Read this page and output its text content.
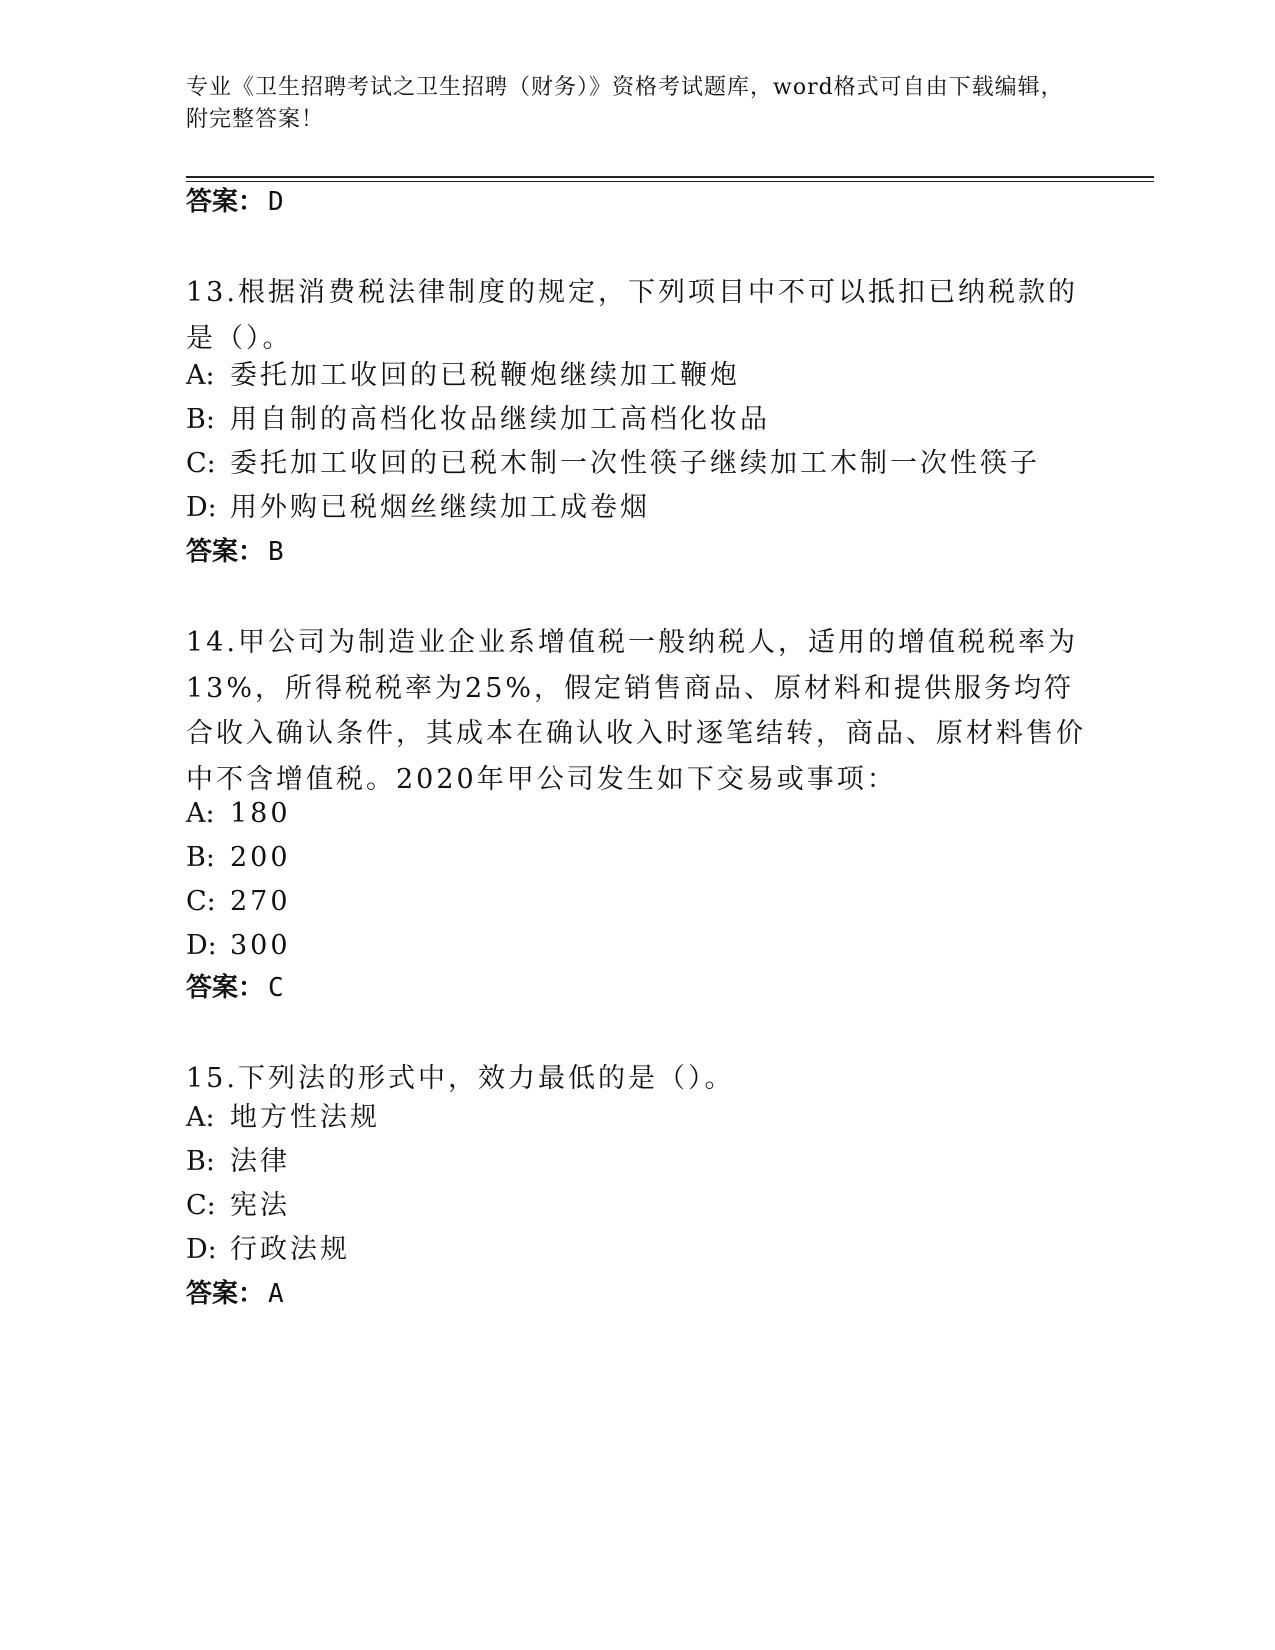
专业《卫生招聘考试之卫生招聘（财务）》资格考试题库，word格式可自由下载编辑，附完整答案！
答案： D
13.根据消费税法律制度的规定，下列项目中不可以抵扣已纳税款的是（）。
A: 委托加工收回的已税鞭炮继续加工鞭炮
B: 用自制的高档化妆品继续加工高档化妆品
C: 委托加工收回的已税木制一次性筷子继续加工木制一次性筷子
D: 用外购已税烟丝继续加工成卷烟
答案： B
14.甲公司为制造业企业系增值税一般纳税人，适用的增值税税率为13%，所得税税率为25%，假定销售商品、原材料和提供服务均符合收入确认条件，其成本在确认收入时逐笔结转，商品、原材料售价中不含增值税。2020年甲公司发生如下交易或事项：
A: 180
B: 200
C: 270
D: 300
答案： C
15.下列法的形式中，效力最低的是（）。
A: 地方性法规
B: 法律
C: 宪法
D: 行政法规
答案： A
